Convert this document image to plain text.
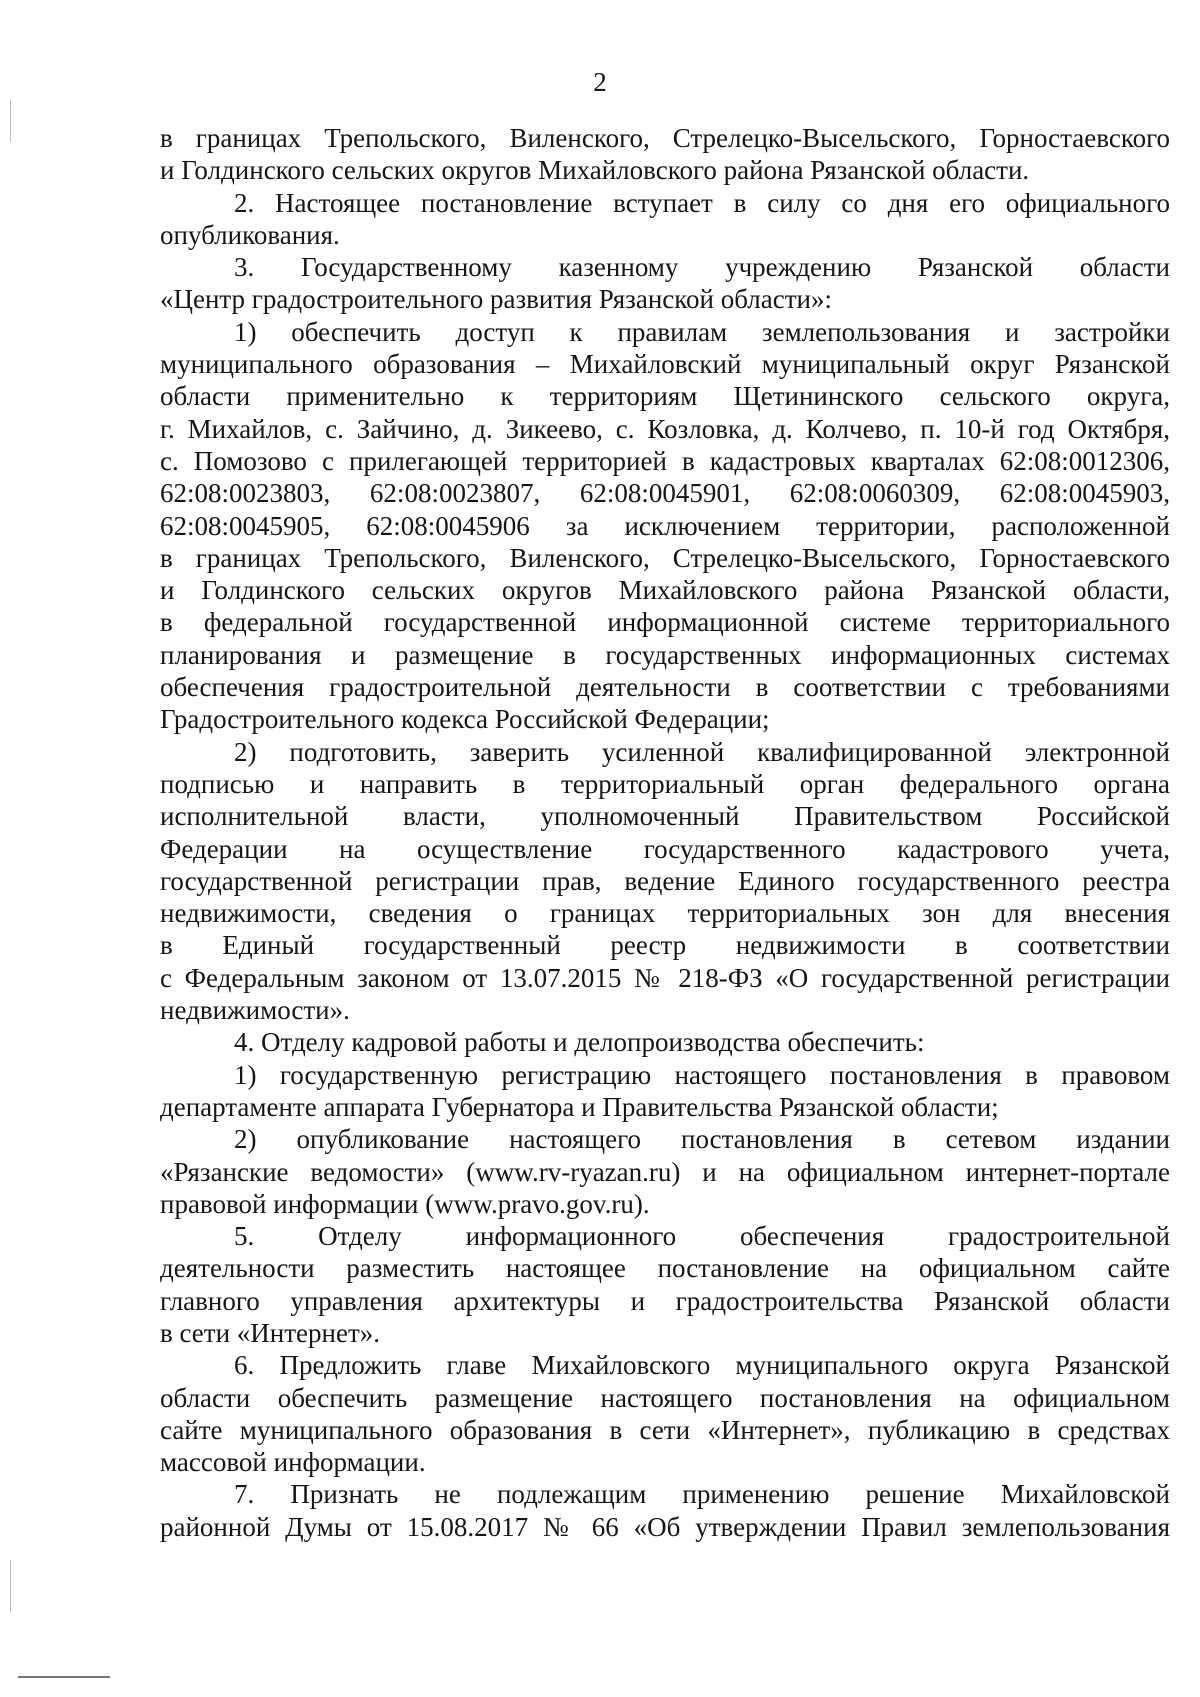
2
в границах Трепольского, Виленского, Стрелецко-Высельского, Горностаевского
и Голдинского сельских округов Михайловского района Рязанской области.
2. Настоящее постановление вступает в силу со дня его официального
опубликования.
3. Государственному казенному учреждению Рязанской области
«Центр градостроительного развития Рязанской области»:
1) обеспечить доступ к правилам землепользования и застройки
муниципального образования – Михайловский муниципальный округ Рязанской
области применительно к территориям Щетининского сельского округа,
г. Михайлов, с. Зайчино, д. Зикеево, с. Козловка, д. Колчево, п. 10-й год Октября,
с. Помозово с прилегающей территорией в кадастровых кварталах 62:08:0012306,
62:08:0023803, 62:08:0023807, 62:08:0045901, 62:08:0060309, 62:08:0045903,
62:08:0045905, 62:08:0045906 за исключением территории, расположенной
в границах Трепольского, Виленского, Стрелецко-Высельского, Горностаевского
и Голдинского сельских округов Михайловского района Рязанской области,
в федеральной государственной информационной системе территориального
планирования и размещение в государственных информационных системах
обеспечения градостроительной деятельности в соответствии с требованиями
Градостроительного кодекса Российской Федерации;
2) подготовить, заверить усиленной квалифицированной электронной
подписью и направить в территориальный орган федерального органа
исполнительной власти, уполномоченный Правительством Российской
Федерации на осуществление государственного кадастрового учета,
государственной регистрации прав, ведение Единого государственного реестра
недвижимости, сведения о границах территориальных зон для внесения
в Единый государственный реестр недвижимости в соответствии
с Федеральным законом от 13.07.2015 № 218-ФЗ «О государственной регистрации
недвижимости».
4. Отделу кадровой работы и делопроизводства обеспечить:
1) государственную регистрацию настоящего постановления в правовом
департаменте аппарата Губернатора и Правительства Рязанской области;
2) опубликование настоящего постановления в сетевом издании
«Рязанские ведомости» (www.rv-ryazan.ru) и на официальном интернет-портале
правовой информации (www.pravo.gov.ru).
5. Отделу информационного обеспечения градостроительной
деятельности разместить настоящее постановление на официальном сайте
главного управления архитектуры и градостроительства Рязанской области
в сети «Интернет».
6. Предложить главе Михайловского муниципального округа Рязанской
области обеспечить размещение настоящего постановления на официальном
сайте муниципального образования в сети «Интернет», публикацию в средствах
массовой информации.
7. Признать не подлежащим применению решение Михайловской
районной Думы от 15.08.2017 № 66 «Об утверждении Правил землепользования
